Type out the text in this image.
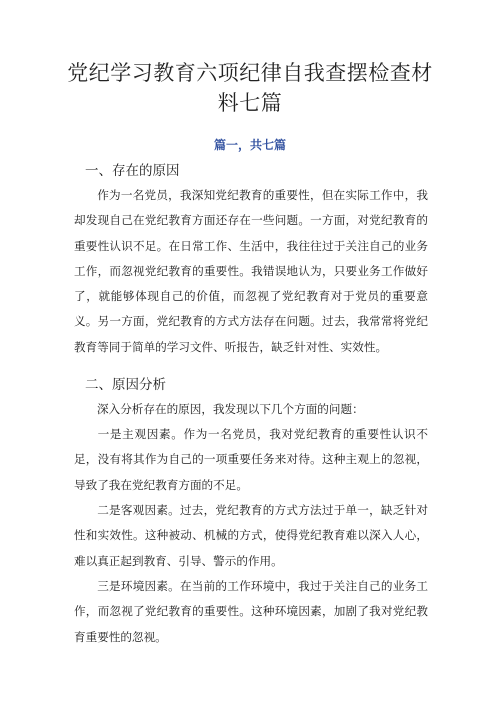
党纪学习教育六项纪律自我查摆检查材料七篇
篇一，共七篇
一、存在的原因

作为一名党员，我深知党纪教育的重要性，但在实际工作中，我却发现自己在党纪教育方面还存在一些问题。一方面，对党纪教育的重要性认识不足。在日常工作、生活中，我往往过于关注自己的业务工作，而忽视党纪教育的重要性。我错误地认为，只要业务工作做好了，就能够体现自己的价值，而忽视了党纪教育对于党员的重要意义。另一方面，党纪教育的方式方法存在问题。过去，我常常将党纪教育等同于简单的学习文件、听报告，缺乏针对性、实效性。

二、原因分析

深入分析存在的原因，我发现以下几个方面的问题：

一是主观因素。作为一名党员，我对党纪教育的重要性认识不足，没有将其作为自己的一项重要任务来对待。这种主观上的忽视，导致了我在党纪教育方面的不足。

二是客观因素。过去，党纪教育的方式方法过于单一，缺乏针对性和实效性。这种被动、机械的方式，使得党纪教育难以深入人心，难以真正起到教育、引导、警示的作用。

三是环境因素。在当前的工作环境中，我过于关注自己的业务工作，而忽视了党纪教育的重要性。这种环境因素，加剧了我对党纪教育重要性的忽视。
